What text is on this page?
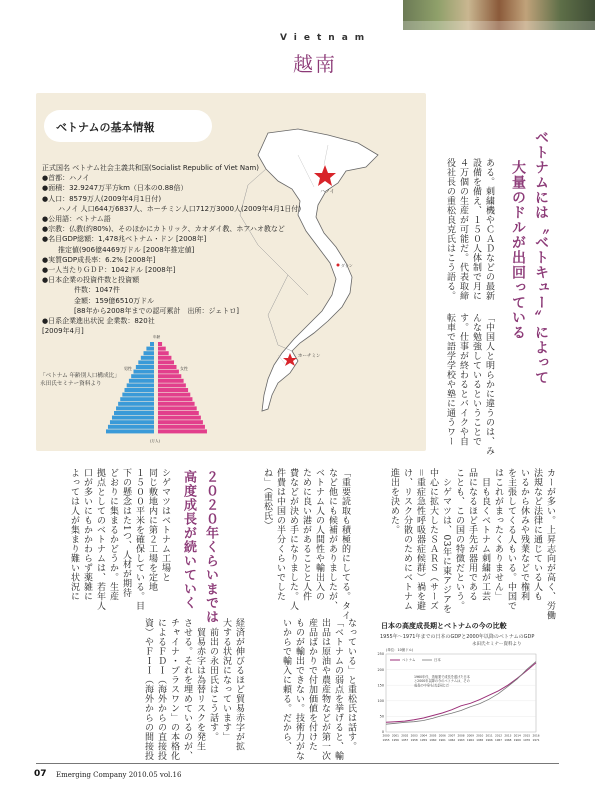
Vietnam
越南
ベトナムの基本情報
ハノイ
ダナン
ホーチミン
正式国名 ベトナム社会主義共和国(Socialist Republic of Viet Nam)
●首都：ハノイ
●面積：32.9247万平方km（日本の0.88倍）
●人口：8579万人(2009年4月1日付)
ハノイ 人口644万6837人、ホーチミン人口712万3000人(2009年4月1日付)
●公用語：ベトナム語
●宗教：仏教(約80%)、そのほかにカトリック、カオダイ教、ホアハオ教など
●名目GDP総額：1,478兆ベトナム・ドン [2008年]
推定値(906億4469万ドル [2008年推定値]
●実質GDP成長率：6.2% [2008年]
●一人当たりＧＤＰ：1042ドル [2008年]
●日本企業の投資件数と投資額
件数：1047件
金額：159億6510万ドル
[88年から2008年までの認可累計　出所：ジェトロ]
●日系企業進出状況 企業数：820社
[2009年4月]
「ベトナム 年齢別人口構成比」
永田氏セミナー資料より
年齢
男性	女性
(万人)
ベトナムには〝ベトキュー〟によって
大量のドルが出回っている
２０２０年くらいまでは
高度成長が続いていく
ある。刺繍機やＣＡＤなどの最新
設備を備え、１５０人体制で月に
４万個の生産が可能だ。代表取締
役社長の重松良克氏はこう語る。
「中国人と明らかに違うのは、み
んな勉強しているということで
す。仕事が終わるとバイクや自
転車で語学学校や塾に通うワー
カーが多い。上昇志向が高く、労働
法規など法律に通じている人も
いるから休みや残業などで権利
を主張してくる人もいる。中国で
はこれがまったくありません」
　目も良くベトナム刺繍が工芸
品になるほど手先が器用である
ことも、この国の特徴だという。
　シゲマツは、03年に東アジアを
中心に拡大したＳＡＲＳ（サーズ
＝重症急性呼吸器症候群）禍を避
け、リスク分散のためにベトナム
進出を決めた。
「重要読取も積極的にしてる。タイ
など他にも候補がありましたが、
ベトナム人の人間性や輸出入の
ために良い港があることと人件
費などが決め手になりました。人
件費は中国の半分くらいでした
ね」（重松氏）
シゲマツはベトナム工場と
同じ敷地内に第２工場を定地
１５００平米を確保している。目
下の懸念はた1つ、人材が期待
どおりに集まるかどうか。生産
拠点としてのベトナムは、若年人
口が多いにもかかわらず薬雑に
よっては人が集まり難い状況に
経済が伸びるほど貿易赤字が拡
大する状況になっています」
　前出の永田氏はこう話す。
　貿易赤字は為替リスクを発生
させる。それを埋めているのが、
チャイナ・プラスワン」の本格化
によるＦＤＩ（海外からの直接投
資）やＦＩＩ（海外からの間接投	なっている」と重松氏は話す。
「ベトナムの弱点を挙げると、輸
出品は原油や農産物などが第一次
産品ばかりで付加価値を付けた
ものが輸出できない。技術力がな
いからで輸入に頼る。だから、	日本の高度成長期とベトナムの今の比較
1955年〜1971年までの日本のGDPと2000年以降のベトナムのGDP
永田氏セミナー資料より
0
50
100
150
200
250
(単位：10億ドル)
2000 2001 2002 2003 2004 2005 2006 2007 2008 2009 2010 2011 2012 2013 2014 2015 2016
1955 1956 1957 1958 1959 1960 1961 1962 1963 1964 1965 1966 1967 1968 1969 1970 1971
ベトナム	日本
1960年代、造船業で成長を遂げた日本
と2000年以降の今のベトナムは、その
成長の中身もほぼ同じだ
07 Emerging Company 2010.05 vol.16
